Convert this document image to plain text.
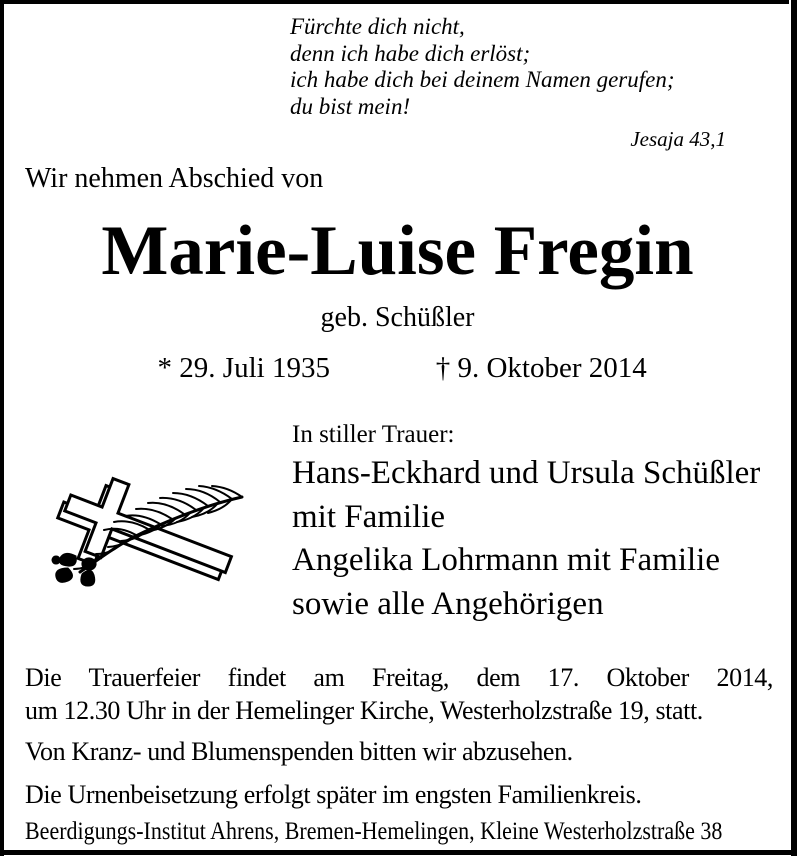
Fürchte dich nicht,
denn ich habe dich erlöst;
ich habe dich bei deinem Namen gerufen;
du bist mein!
Jesaja 43,1
Wir nehmen Abschied von
Marie-Luise Fregin
geb. Schüßler
* 29. Juli 1935	† 9. Oktober 2014
In stiller Trauer:
Hans-Eckhard und Ursula Schüßler
mit Familie
Angelika Lohrmann mit Familie
sowie alle Angehörigen
Die Trauerfeier findet am Freitag, dem 17. Oktober 2014,
um 12.30 Uhr in der Hemelinger Kirche, Westerholzstraße 19, statt.
Von Kranz- und Blumenspenden bitten wir abzusehen.
Die Urnenbeisetzung erfolgt später im engsten Familienkreis.
Beerdigungs-Institut Ahrens, Bremen-Hemelingen, Kleine Westerholzstraße 38
